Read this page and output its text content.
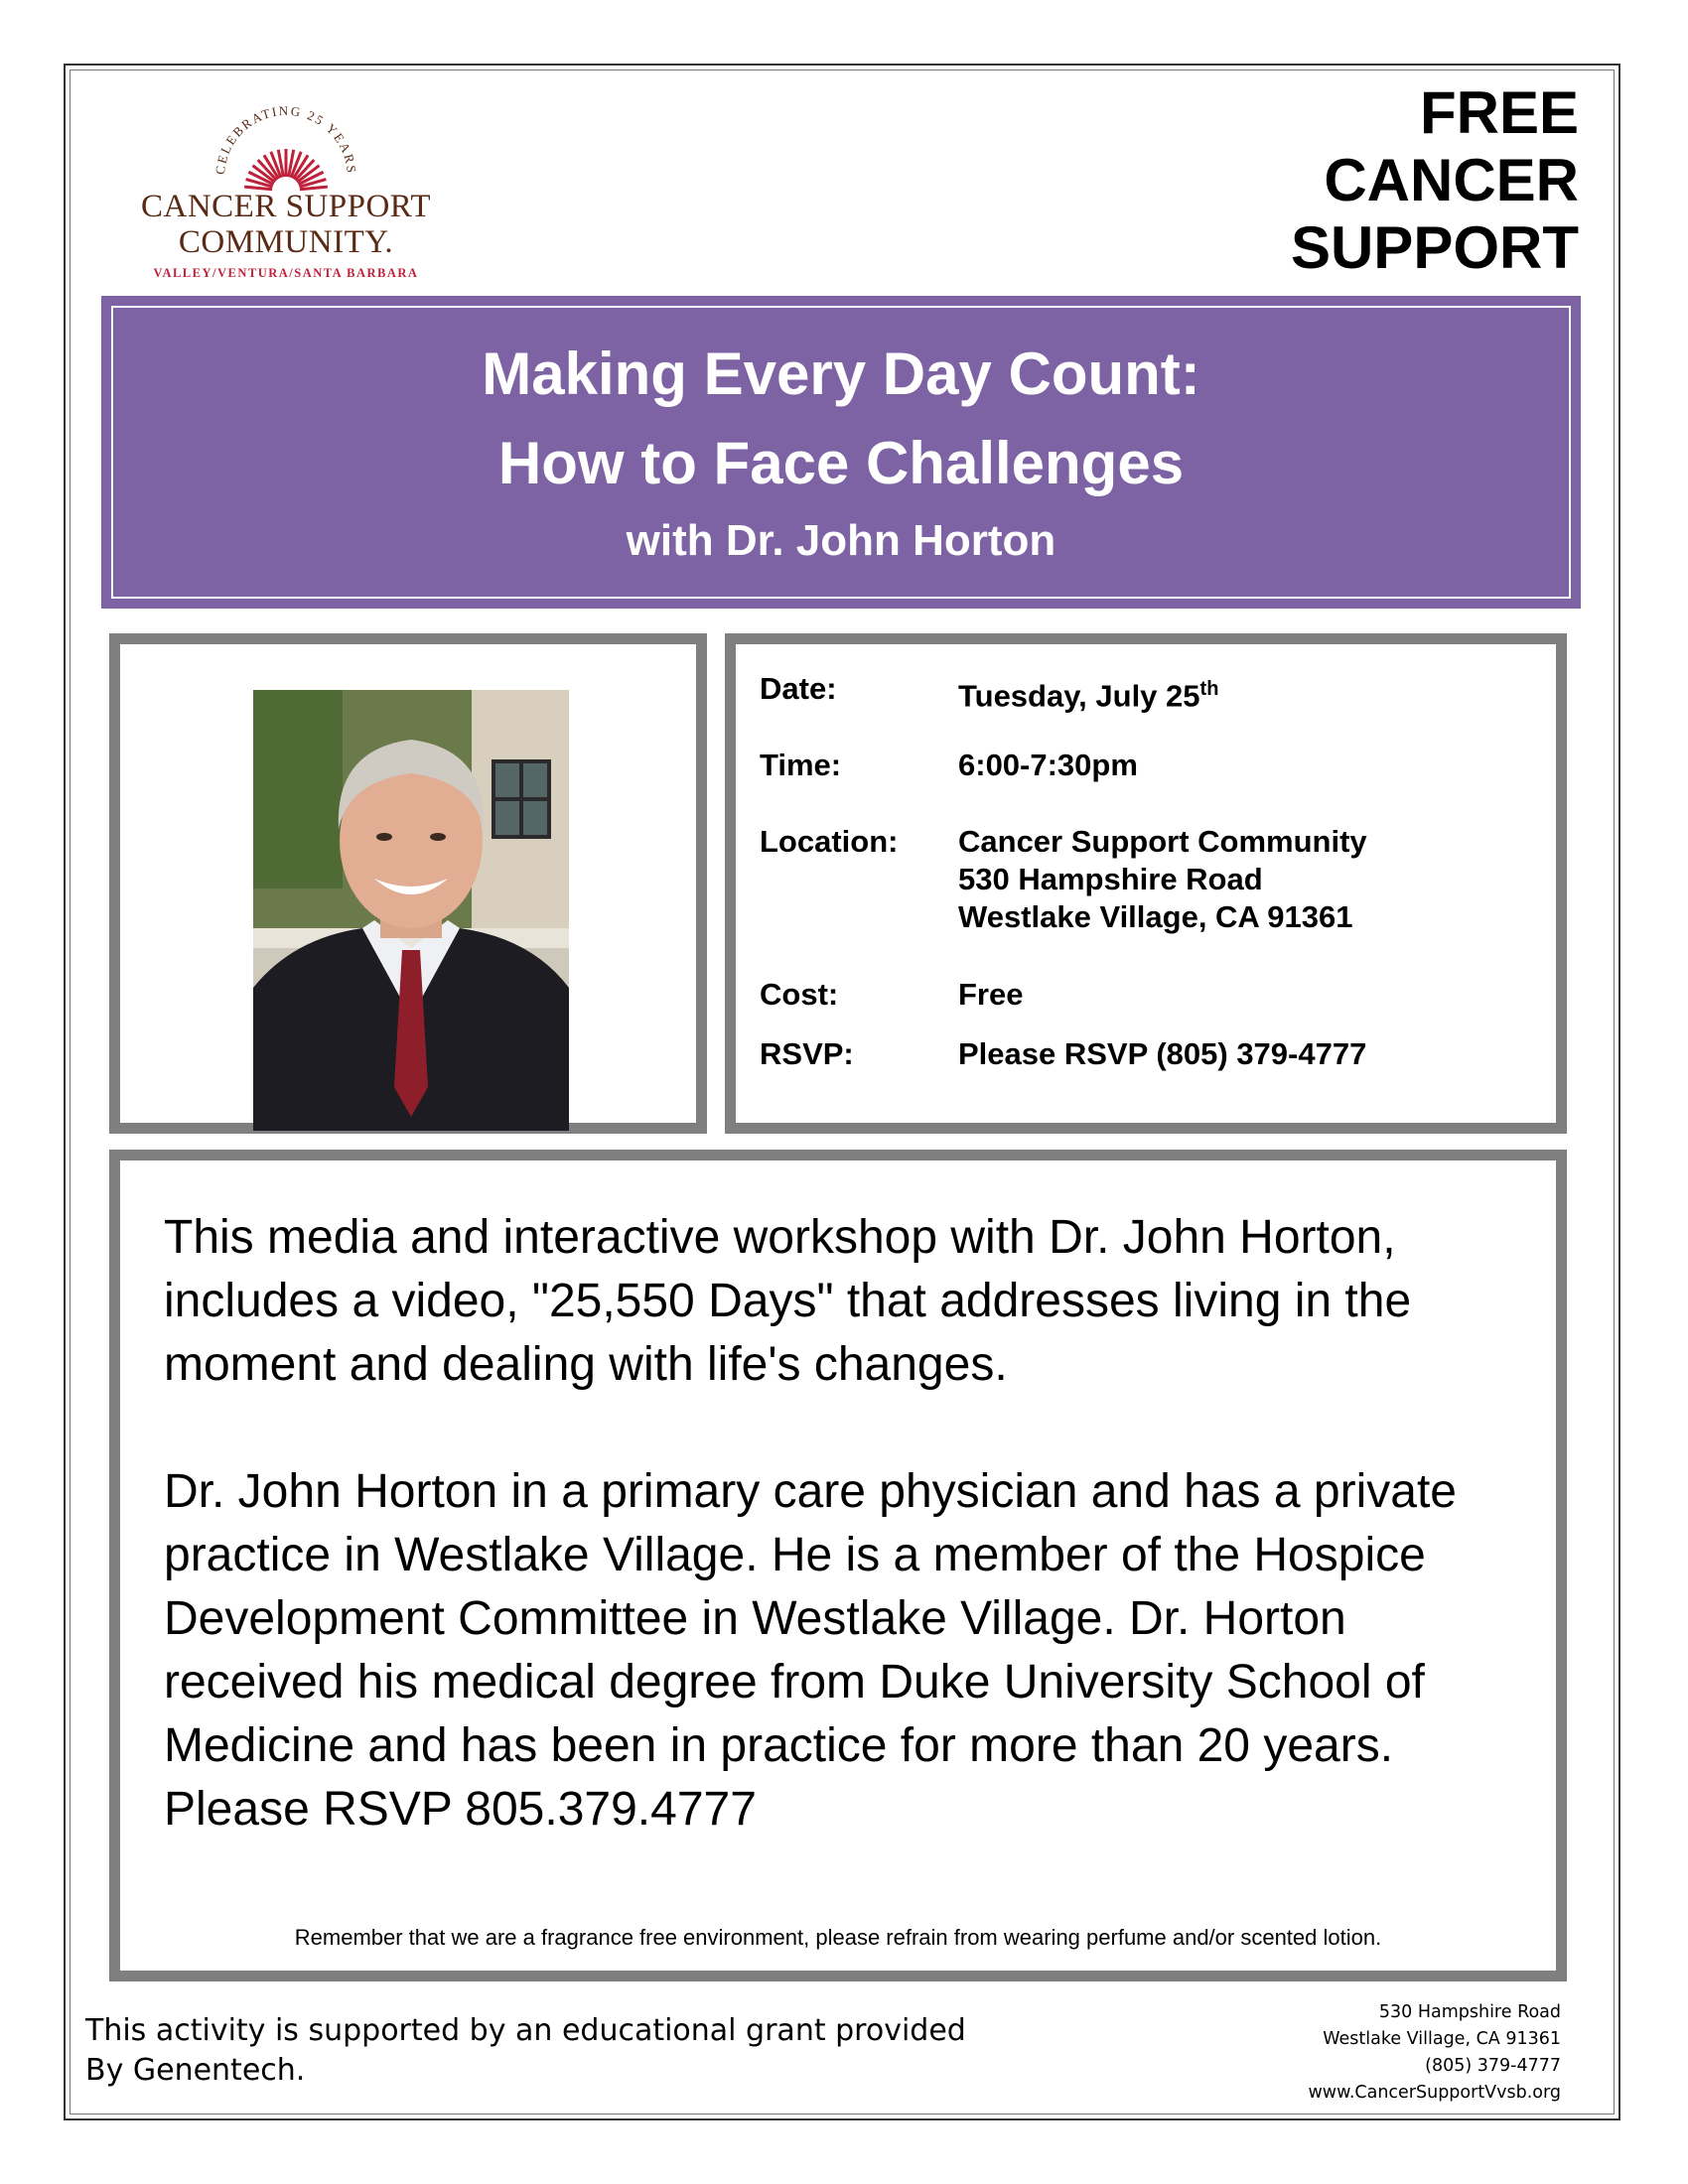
CELEBRATING 25 YEARS
CANCER SUPPORT
COMMUNITY.
VALLEY/VENTURA/SANTA BARBARA
FREE
CANCER
SUPPORT
Making Every Day Count:
How to Face Challenges
with Dr. John Horton
Date:	Tuesday, July 25th
Time:	6:00-7:30pm
Location:	Cancer Support Community
530 Hampshire Road
Westlake Village, CA 91361
Cost:	Free
RSVP:	Please RSVP (805) 379-4777
This media and interactive workshop with Dr. John Horton, includes a video, "25,550 Days" that addresses living in the moment and dealing with life's changes.
Dr. John Horton in a primary care physician and has a private practice in Westlake Village. He is a member of the Hospice Development Committee in Westlake Village. Dr. Horton received his medical degree from Duke University School of Medicine and has been in practice for more than 20 years. Please RSVP 805.379.4777
Remember that we are a fragrance free environment, please refrain from wearing perfume and/or scented lotion.
This activity is supported by an educational grant provided
By Genentech.
530 Hampshire Road
Westlake Village, CA 91361
(805) 379-4777
www.CancerSupportVvsb.org
